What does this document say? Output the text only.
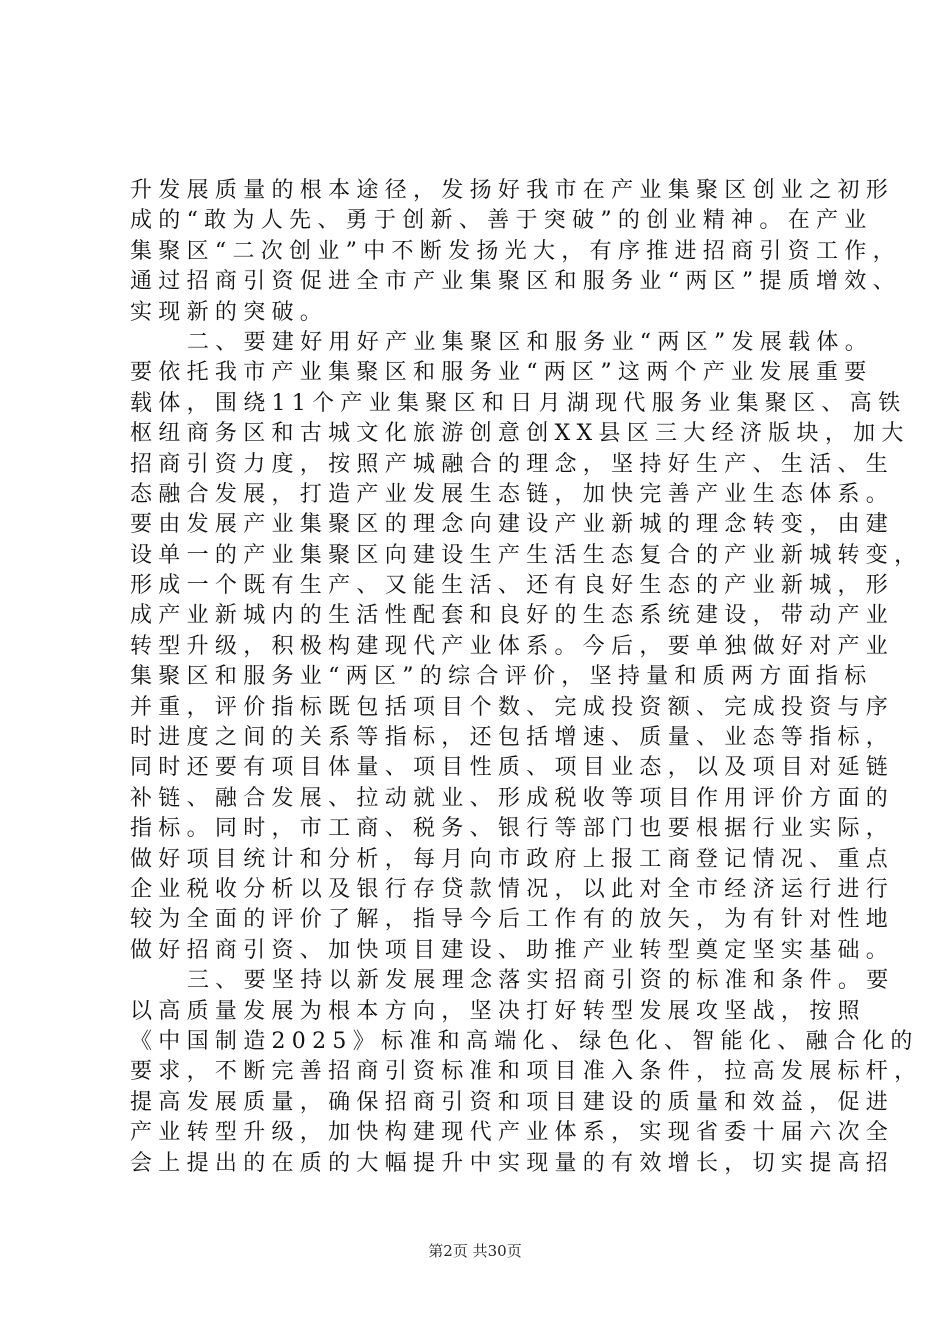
升发展质量的根本途径，发扬好我市在产业集聚区创业之初形
成的“敢为人先、勇于创新、善于突破”的创业精神。在产业
集聚区“二次创业”中不断发扬光大，有序推进招商引资工作，
通过招商引资促进全市产业集聚区和服务业“两区”提质增效、
实现新的突破。
二、要建好用好产业集聚区和服务业“两区”发展载体。
要依托我市产业集聚区和服务业“两区”这两个产业发展重要
载体，围绕11个产业集聚区和日月湖现代服务业集聚区、高铁
枢纽商务区和古城文化旅游创意创XX县区三大经济版块，加大
招商引资力度，按照产城融合的理念，坚持好生产、生活、生
态融合发展，打造产业发展生态链，加快完善产业生态体系。
要由发展产业集聚区的理念向建设产业新城的理念转变，由建
设单一的产业集聚区向建设生产生活生态复合的产业新城转变，
形成一个既有生产、又能生活、还有良好生态的产业新城，形
成产业新城内的生活性配套和良好的生态系统建设，带动产业
转型升级，积极构建现代产业体系。今后，要单独做好对产业
集聚区和服务业“两区”的综合评价，坚持量和质两方面指标
并重，评价指标既包括项目个数、完成投资额、完成投资与序
时进度之间的关系等指标，还包括增速、质量、业态等指标，
同时还要有项目体量、项目性质、项目业态，以及项目对延链
补链、融合发展、拉动就业、形成税收等项目作用评价方面的
指标。同时，市工商、税务、银行等部门也要根据行业实际，
做好项目统计和分析，每月向市政府上报工商登记情况、重点
企业税收分析以及银行存贷款情况，以此对全市经济运行进行
较为全面的评价了解，指导今后工作有的放矢，为有针对性地
做好招商引资、加快项目建设、助推产业转型奠定坚实基础。
三、要坚持以新发展理念落实招商引资的标准和条件。要
以高质量发展为根本方向，坚决打好转型发展攻坚战，按照
《中国制造2025》标准和高端化、绿色化、智能化、融合化的
要求，不断完善招商引资标准和项目准入条件，拉高发展标杆，
提高发展质量，确保招商引资和项目建设的质量和效益，促进
产业转型升级，加快构建现代产业体系，实现省委十届六次全
会上提出的在质的大幅提升中实现量的有效增长，切实提高招
第2页 共30页
